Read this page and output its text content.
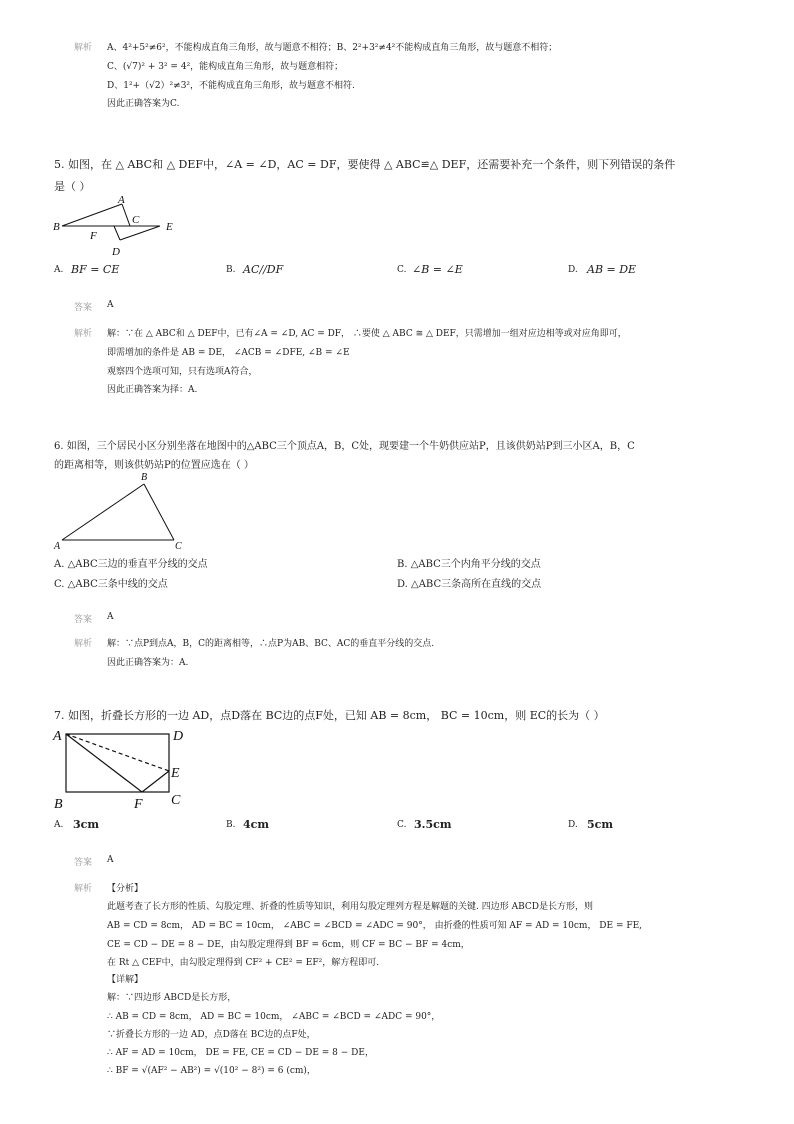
解析 A、4²+5²≠6²，不能构成直角三角形，故与题意不相符；B、2²+3²≠4²不能构成直角三角形，故与题意不相符；
C、(√7)² + 3² = 4²，能构成直角三角形，故与题意相符；
D、1²+（√2）²≠3²，不能构成直角三角形，故与题意不相符.
因此正确答案为C.
5. 如图，在 △ ABC和 △ DEF中，∠A = ∠D，AC = DF，要使得 △ ABC≌△ DEF，还需要补充一个条件，则下列错误的条件
是（ ）
A
B
C
F
E
D
A. BF = CE	B. AC//DF	C. ∠B = ∠E	D. AB = DE
答案 A
解析 解：∵在 △ ABC和 △ DEF中，已有∠A = ∠D, AC = DF， ∴要使 △ ABC ≅ △ DEF，只需增加一组对应边相等或对应角即可，
即需增加的条件是 AB = DE， ∠ACB = ∠DFE, ∠B = ∠E
观察四个选项可知，只有选项A符合，
因此正确答案为择：A.
6. 如图，三个居民小区分别坐落在地图中的△ABC三个顶点A，B，C处，现要建一个牛奶供应站P，且该供奶站P到三小区A，B，C
的距离相等，则该供奶站P的位置应选在（ ）
B
A	C
A. △ABC三边的垂直平分线的交点	B. △ABC三个内角平分线的交点
C. △ABC三条中线的交点	D. △ABC三条高所在直线的交点
答案 A
解析 解：∵点P到点A，B，C的距离相等，∴点P为AB、BC、AC的垂直平分线的交点.
因此正确答案为：A.
7. 如图，折叠长方形的一边 AD，点D落在 BC边的点F处，已知 AB = 8cm， BC = 10cm，则 EC的长为（ ）
A	D
E
C
B	F
A. 3cm	B. 4cm	C. 3.5cm	D. 5cm
答案 A
解析 【分析】
此题考查了长方形的性质、勾股定理、折叠的性质等知识，利用勾股定理列方程是解题的关键. 四边形 ABCD是长方形，则
AB = CD = 8cm， AD = BC = 10cm， ∠ABC = ∠BCD = ∠ADC = 90°， 由折叠的性质可知 AF = AD = 10cm， DE = FE,
CE = CD − DE = 8 − DE，由勾股定理得到 BF = 6cm，则 CF = BC − BF = 4cm，
在 Rt △ CEF中，由勾股定理得到 CF² + CE² = EF²，解方程即可.
【详解】
解：∵四边形 ABCD是长方形，
∴ AB = CD = 8cm， AD = BC = 10cm， ∠ABC = ∠BCD = ∠ADC = 90°，
∵折叠长方形的一边 AD，点D落在 BC边的点F处，
∴ AF = AD = 10cm， DE = FE, CE = CD − DE = 8 − DE，
∴ BF = √(AF² − AB²) = √(10² − 8²) = 6 (cm)，
